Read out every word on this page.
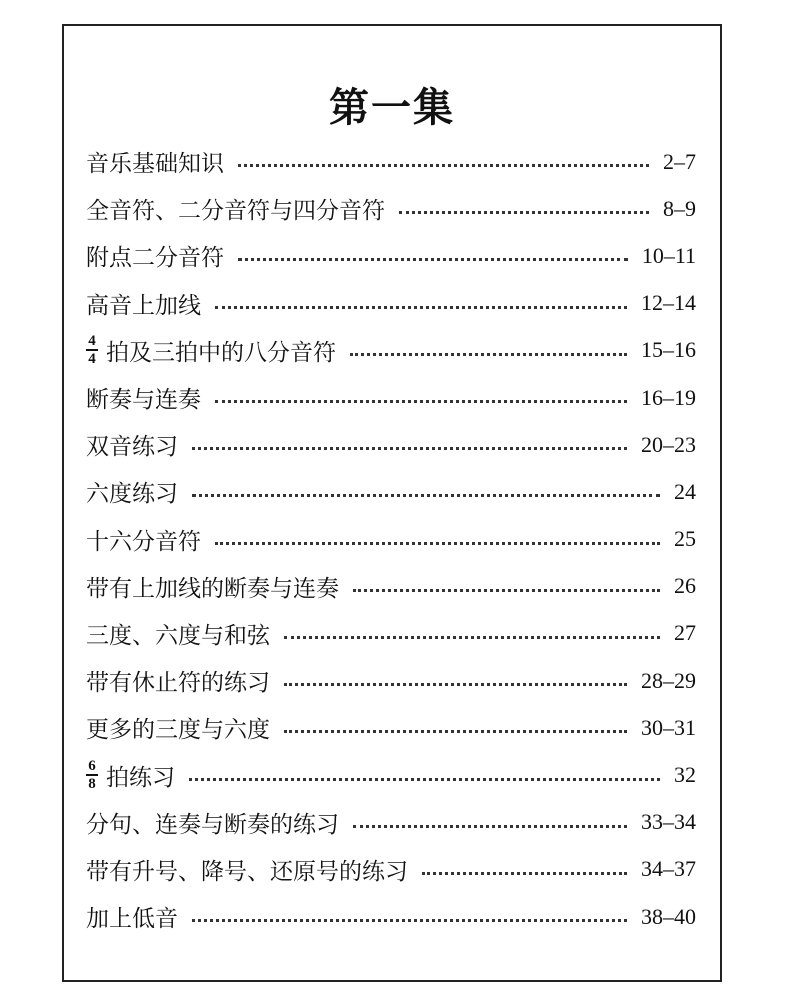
第一集
音乐基础知识	2–7
全音符、二分音符与四分音符	8–9
附点二分音符	10–11
高音上加线	12–14
$\frac{4}{4}$ 拍及三拍中的八分音符	15–16
断奏与连奏	16–19
双音练习	20–23
六度练习	24
十六分音符	25
带有上加线的断奏与连奏	26
三度、六度与和弦	27
带有休止符的练习	28–29
更多的三度与六度	30–31
$\frac{6}{8}$ 拍练习	32
分句、连奏与断奏的练习	33–34
带有升号、降号、还原号的练习	34–37
加上低音	38–40
